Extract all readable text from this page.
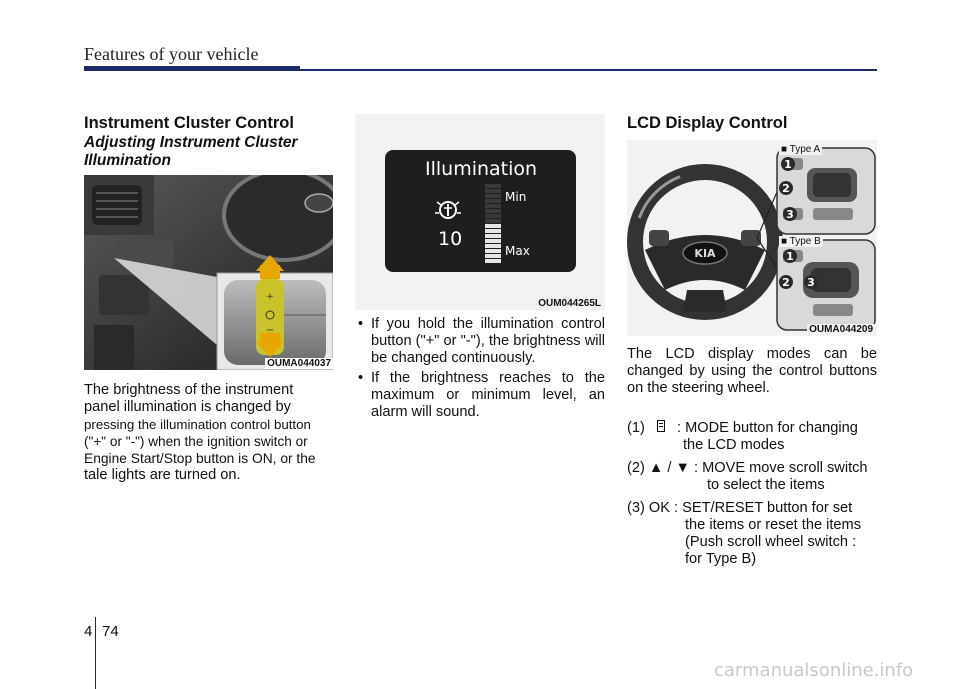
Features of your vehicle
Instrument Cluster Control
Adjusting Instrument Cluster Illumination
+
−
OUMA044037
The brightness of the instrument
panel illumination is changed by
pressing the illumination control button
("+" or "-") when the ignition switch or
Engine Start/Stop button is ON, or the
tale lights are turned on.
Illumination
10
Min
Max
OUM044265L
• If you hold the illumination control button ("+" or "-"), the brightness will be changed continuously.
• If the brightness reaches to the maximum or minimum level, an alarm will sound.
LCD Display Control
KIA
1
2
3
1
2 3
■ Type A
■ Type B
OUMA044209
The LCD display modes can be changed by using the control buttons on the steering wheel.
(1) : MODE button for changing
the LCD modes
(2) ▲ / ▼ : MOVE move scroll switch
to select the items
(3) OK : SET/RESET button for set
the items or reset the items
(Push scroll wheel switch :
for Type B)
4 74
carmanualsonline.info
